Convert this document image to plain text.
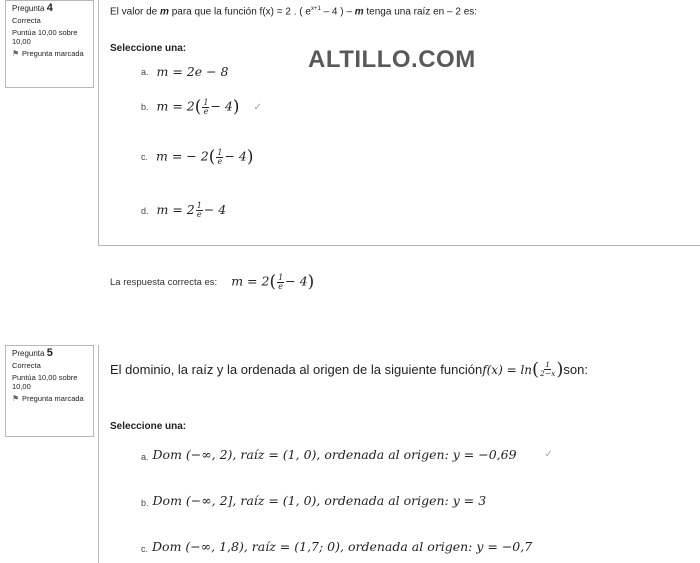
Pregunta 4
Correcta
Puntúa 10,00 sobre 10,00
⚑ Pregunta marcada
El valor de m para que la función f(x) = 2 . ( $e^{x+1} - 4$ ) – m tenga una raíz en – 2 es:
Seleccione una:
a. m = 2e − 8
b. $m = 2( \frac{1}{e} - 4)$ ✓
c. m = − $2( \frac{1}{e} - 4)$
d. $m = 2 \frac{1}{e} - 4$
ALTILLO.COM
La respuesta correcta es: $m = 2( \frac{1}{e} - 4)$
Pregunta 5
Correcta
Puntúa 10,00 sobre 10,00
⚑ Pregunta marcada
El dominio, la raíz y la ordenada al origen de la siguiente función f(x) = ln ( $\frac{1}{2-x}$ ) son:
Seleccione una:
a. Dom (−∞, 2), raíz = (1, 0), ordenada al origen: y = −0,69	✓
b. Dom (−∞, 2], raíz = (1, 0), ordenada al origen: y = 3
c. Dom (−∞, 1,8), raíz = (1,7; 0), ordenada al origen: y = −0,7
